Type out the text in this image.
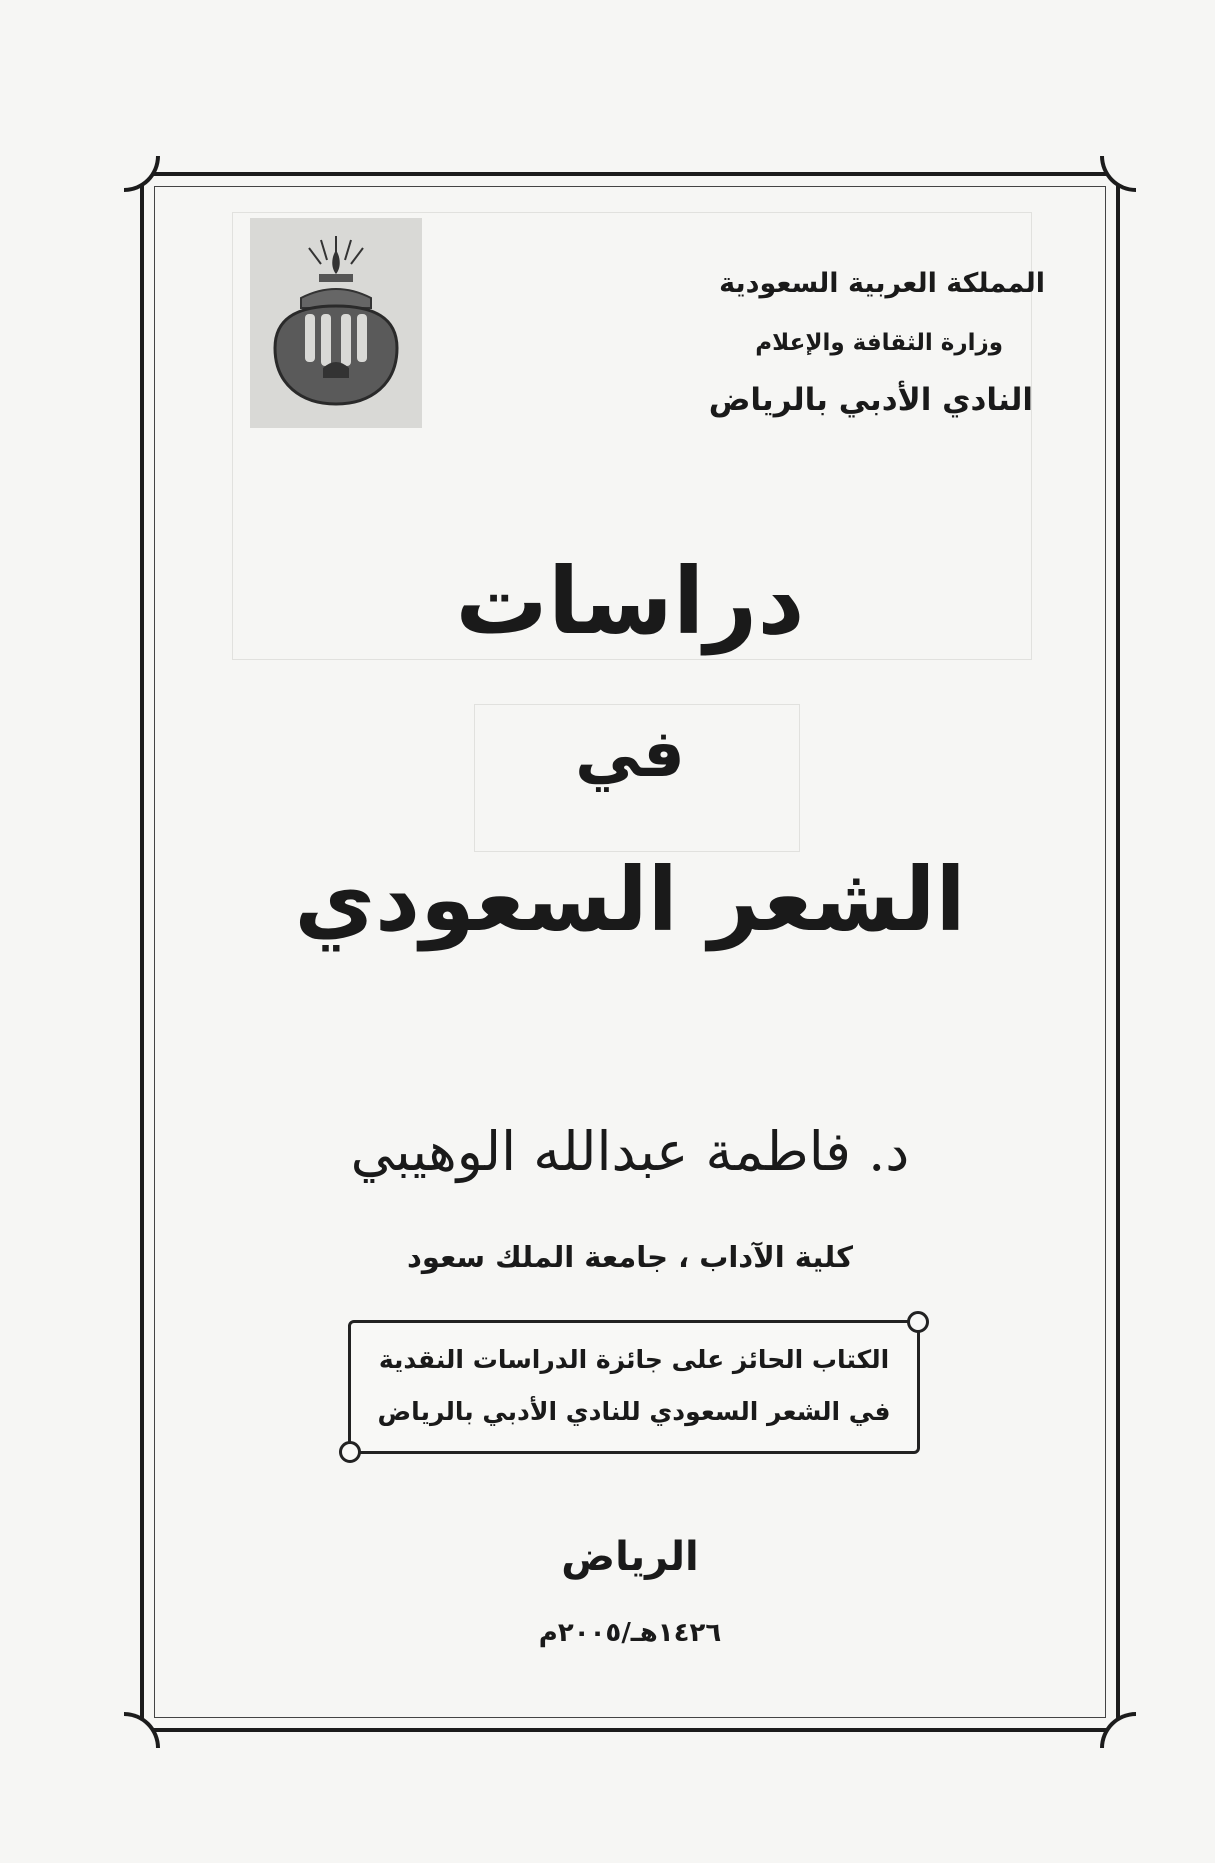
المملكة العربية السعودية
وزارة الثقافة والإعلام
النادي الأدبي بالرياض
دراسات
في
الشعر السعودي
د. فاطمة عبدالله الوهيبي
كلية الآداب ، جامعة الملك سعود
الكتاب الحائز على جائزة الدراسات النقدية
في الشعر السعودي للنادي الأدبي بالرياض
الرياض
١٤٢٦هـ/٢٠٠٥م
